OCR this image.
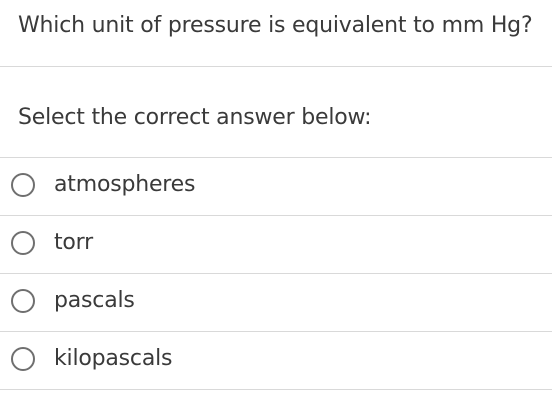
Which unit of pressure is equivalent to mm Hg?
Select the correct answer below:
atmospheres
torr
pascals
kilopascals
